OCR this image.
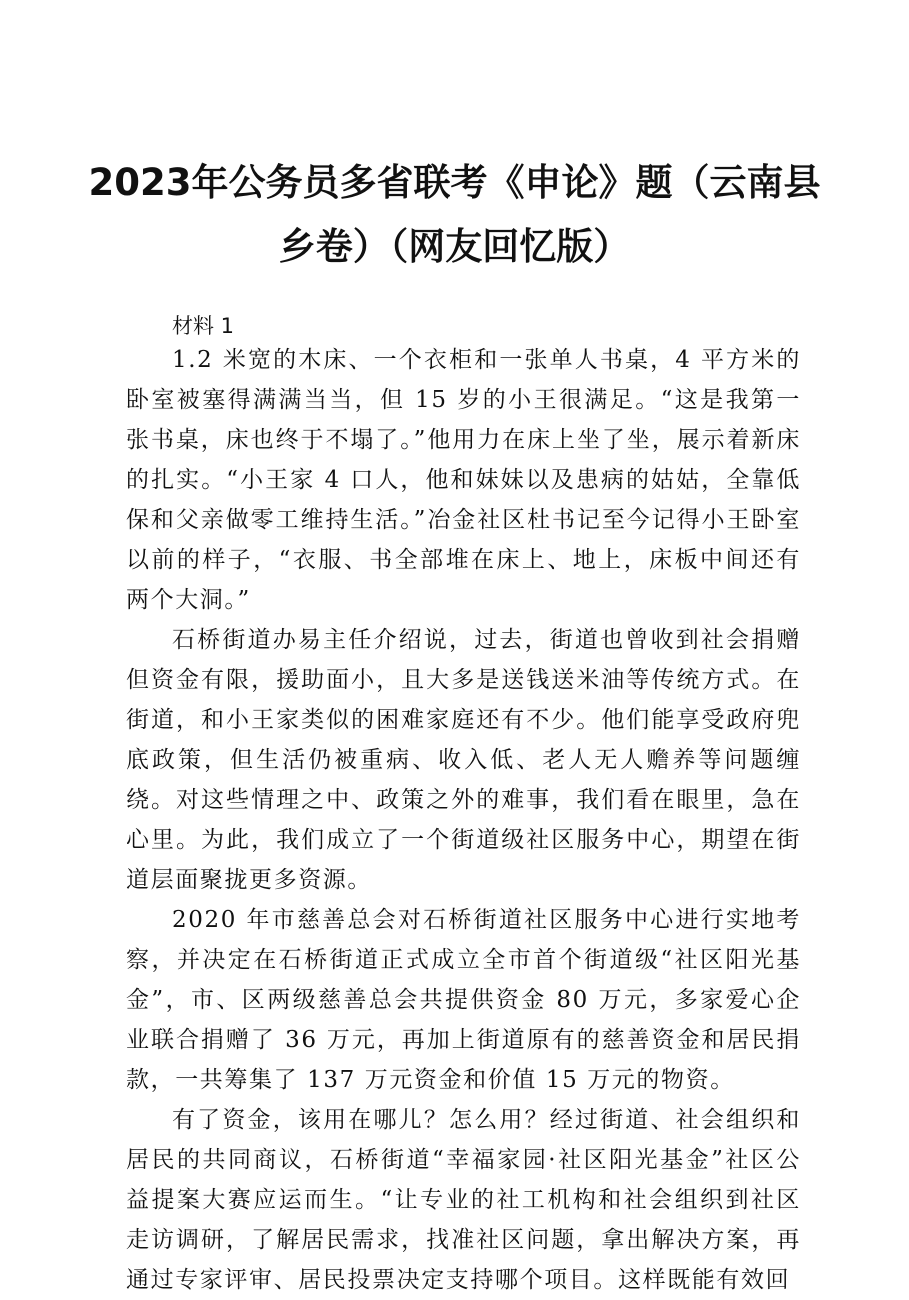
2023年公务员多省联考《申论》题（云南县
乡卷）（网友回忆版）
材料 1

1.2 米宽的木床、一个衣柜和一张单人书桌，4 平方米的卧室被塞得满满当当，但 15 岁的小王很满足。“这是我第一张书桌，床也终于不塌了。”他用力在床上坐了坐，展示着新床的扎实。“小王家 4 口人，他和妹妹以及患病的姑姑，全靠低保和父亲做零工维持生活。”冶金社区杜书记至今记得小王卧室以前的样子，“衣服、书全部堆在床上、地上，床板中间还有两个大洞。”

石桥街道办易主任介绍说，过去，街道也曾收到社会捐赠但资金有限，援助面小，且大多是送钱送米油等传统方式。在街道，和小王家类似的困难家庭还有不少。他们能享受政府兜底政策，但生活仍被重病、收入低、老人无人赡养等问题缠绕。对这些情理之中、政策之外的难事，我们看在眼里，急在心里。为此，我们成立了一个街道级社区服务中心，期望在街道层面聚拢更多资源。

2020 年市慈善总会对石桥街道社区服务中心进行实地考察，并决定在石桥街道正式成立全市首个街道级“社区阳光基金”，市、区两级慈善总会共提供资金 80 万元，多家爱心企业联合捐赠了 36 万元，再加上街道原有的慈善资金和居民捐款，一共筹集了 137 万元资金和价值 15 万元的物资。

有了资金，该用在哪儿？怎么用？经过街道、社会组织和居民的共同商议，石桥街道“幸福家园·社区阳光基金”社区公益提案大赛应运而生。“让专业的社工机构和社会组织到社区走访调研，了解居民需求，找准社区问题，拿出解决方案，再通过专家评审、居民投票决定支持哪个项目。这样既能有效回
